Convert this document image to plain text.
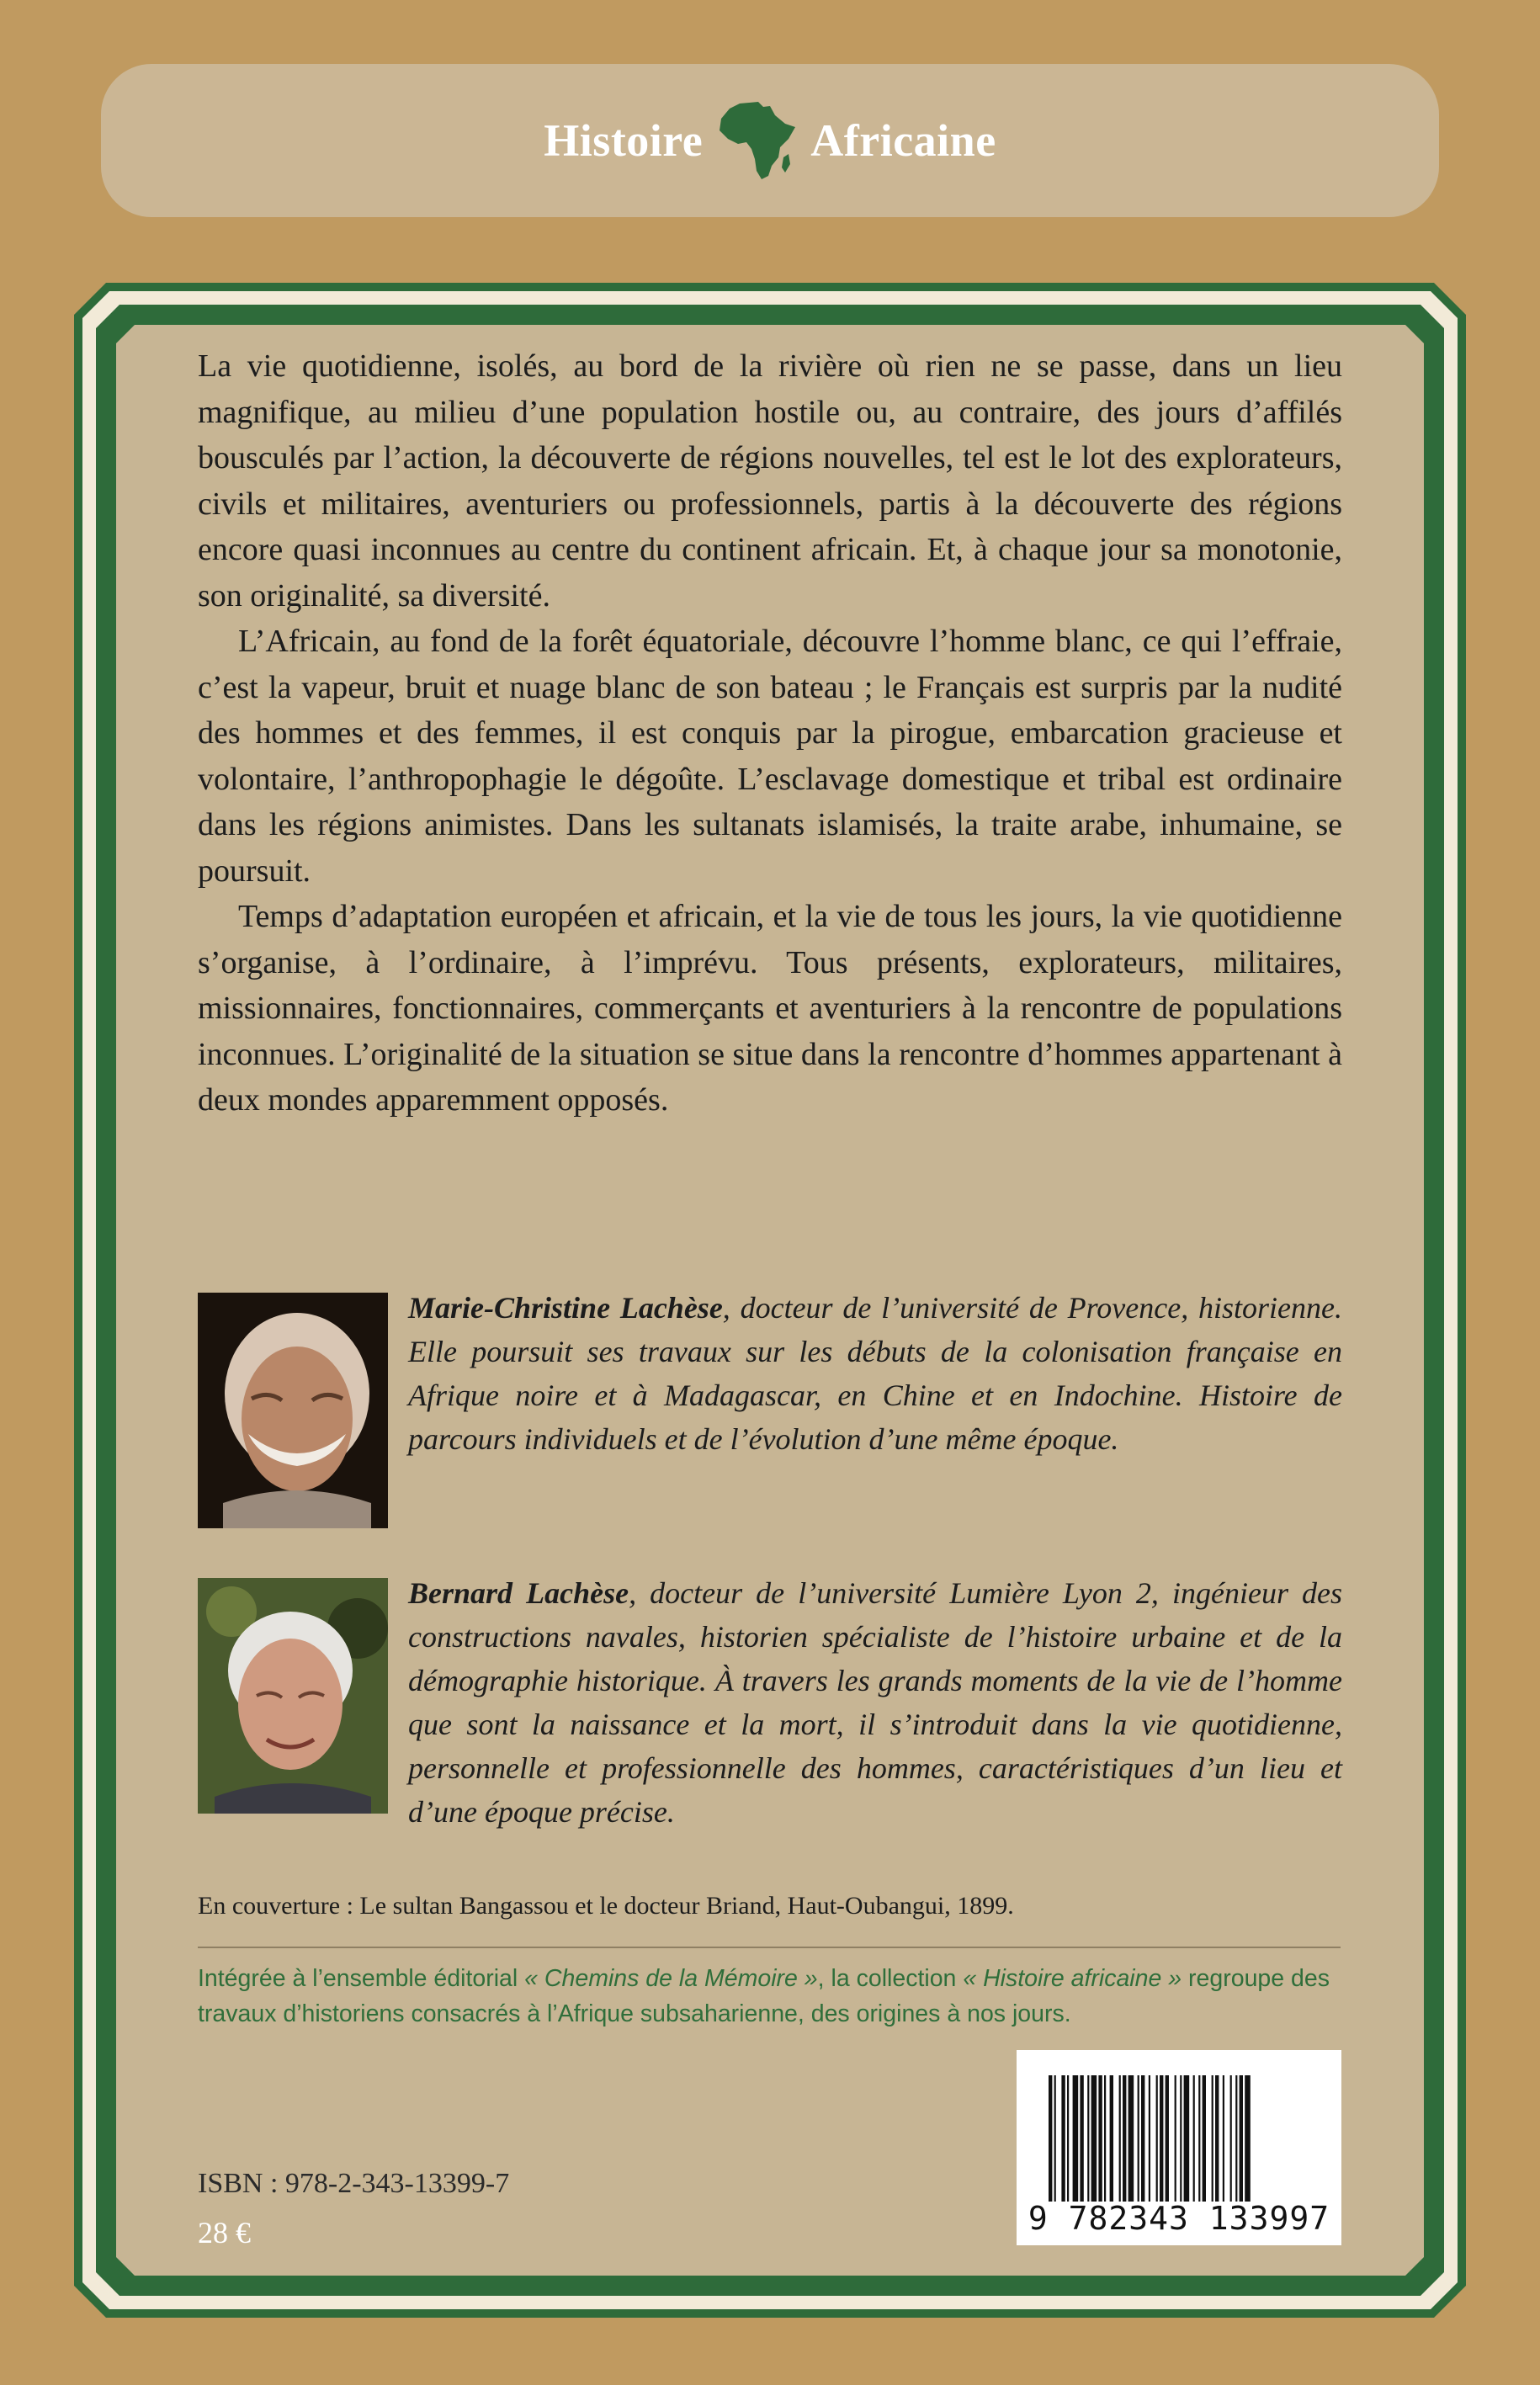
Histoire Africaine

La vie quotidienne, isolés, au bord de la rivière où rien ne se passe, dans un lieu magnifique, au milieu d’une population hostile ou, au contraire, des jours d’affilés bousculés par l’action, la découverte de régions nouvelles, tel est le lot des explorateurs, civils et militaires, aventuriers ou professionnels, partis à la découverte des régions encore quasi inconnues au centre du continent africain. Et, à chaque jour sa monotonie, son originalité, sa diversité.

L’Africain, au fond de la forêt équatoriale, découvre l’homme blanc, ce qui l’effraie, c’est la vapeur, bruit et nuage blanc de son bateau ; le Français est surpris par la nudité des hommes et des femmes, il est conquis par la pirogue, embarcation gracieuse et volontaire, l’anthropophagie le dégoûte. L’esclavage domestique et tribal est ordinaire dans les régions animistes. Dans les sultanats islamisés, la traite arabe, inhumaine, se poursuit.

Temps d’adaptation européen et africain, et la vie de tous les jours, la vie quotidienne s’organise, à l’ordinaire, à l’imprévu. Tous présents, explorateurs, militaires, missionnaires, fonctionnaires, commerçants et aventuriers à la rencontre de populations inconnues. L’originalité de la situation se situe dans la rencontre d’hommes appartenant à deux mondes apparemment opposés.

Marie-Christine Lachèse, docteur de l’université de Provence, historienne. Elle poursuit ses travaux sur les débuts de la colonisation française en Afrique noire et à Madagascar, en Chine et en Indochine. Histoire de parcours individuels et de l’évolution d’une même époque.

Bernard Lachèse, docteur de l’université Lumière Lyon 2, ingénieur des constructions navales, historien spécialiste de l’histoire urbaine et de la démographie historique. À travers les grands moments de la vie de l’homme que sont la naissance et la mort, il s’introduit dans la vie quotidienne, personnelle et professionnelle des hommes, caractéristiques d’un lieu et d’une époque précise.

En couverture : Le sultan Bangassou et le docteur Briand, Haut-Oubangui, 1899.

Intégrée à l’ensemble éditorial « Chemins de la Mémoire », la collection « Histoire africaine » regroupe des travaux d’historiens consacrés à l’Afrique subsaharienne, des origines à nos jours.

ISBN : 978-2-343-13399-7
28 €	9 782343 133997
